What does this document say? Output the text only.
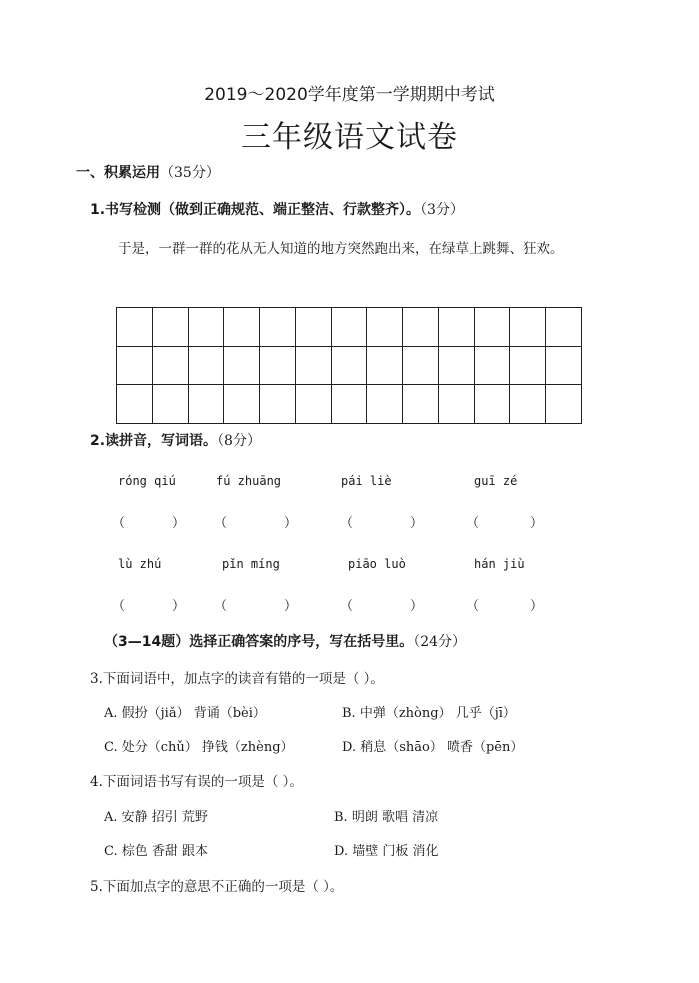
2019～2020学年度第一学期期中考试
三年级语文试卷
一、积累运用（35分）
1.书写检测（做到正确规范、端正整洁、行款整齐）。（3分）
于是，一群一群的花从无人知道的地方突然跑出来，在绿草上跳舞、狂欢。

2.读拼音，写词语。（8分）
róng qiú	fú zhuāng	pái liè	guī zé
（	） （	）	（	）	（	）
lù zhú	pǐn míng	piāo luò	hán jiù
（	） （	）	（	）	（	）
（3—14题）选择正确答案的序号，写在括号里。（24分）
3.下面词语中，加点字的读音有错的一项是（ ）。
A. 假扮（jiǎ） 背诵（bèi）	B. 中弹（zhòng） 几乎（jī）
C. 处分（chǔ） 挣钱（zhèng）	D. 稍息（shāo） 喷香（pēn）
4.下面词语书写有误的一项是（ ）。
A. 安静 招引 荒野	B. 明朗 歌唱 清凉
C. 棕色 香甜 跟本	D. 墙壁 门板 消化
5.下面加点字的意思不正确的一项是（ ）。
